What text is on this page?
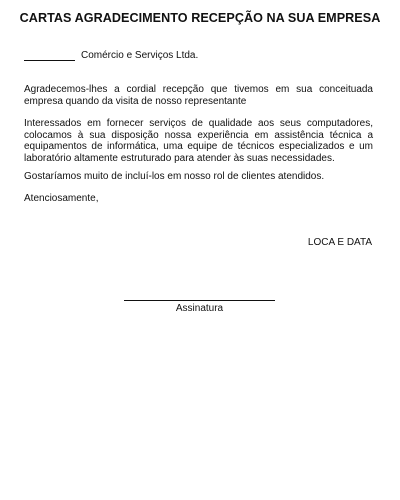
CARTAS AGRADECIMENTO RECEPÇÃO NA SUA EMPRESA
Comércio e Serviços Ltda.
Agradecemos-lhes a cordial recepção que tivemos em sua conceituada empresa quando da visita de nosso representante
Interessados em fornecer serviços de qualidade aos seus computadores, colocamos à sua disposição nossa experiência em assistência técnica a equipamentos de informática, uma equipe de técnicos especializados e um laboratório altamente estruturado para atender às suas necessidades.
Gostaríamos muito de incluí-los em nosso rol de clientes atendidos.
Atenciosamente,
LOCA E DATA
Assinatura
